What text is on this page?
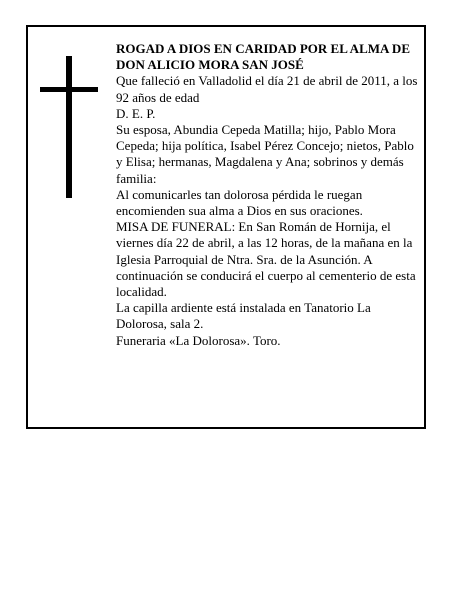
ROGAD A DIOS EN CARIDAD POR EL ALMA DE

DON ALICIO MORA SAN JOSÉ

Que falleció en Valladolid el día 21 de abril de 2011, a los 92 años de edad

D. E. P.

Su esposa, Abundia Cepeda Matilla; hijo, Pablo Mora Cepeda; hija política, Isabel Pérez Concejo; nietos, Pablo y Elisa; hermanas, Magdalena y Ana; sobrinos y demás familia:

Al comunicarles tan dolorosa pérdida le ruegan encomienden sua alma a Dios en sus oraciones.

MISA DE FUNERAL: En San Román de Hornija, el viernes día 22 de abril, a las 12 horas, de la mañana en la Iglesia Parroquial de Ntra. Sra. de la Asunción. A continuación se conducirá el cuerpo al cementerio de esta localidad.

La capilla ardiente está instalada en Tanatorio La Dolorosa, sala 2.

Funeraria «La Dolorosa». Toro.
